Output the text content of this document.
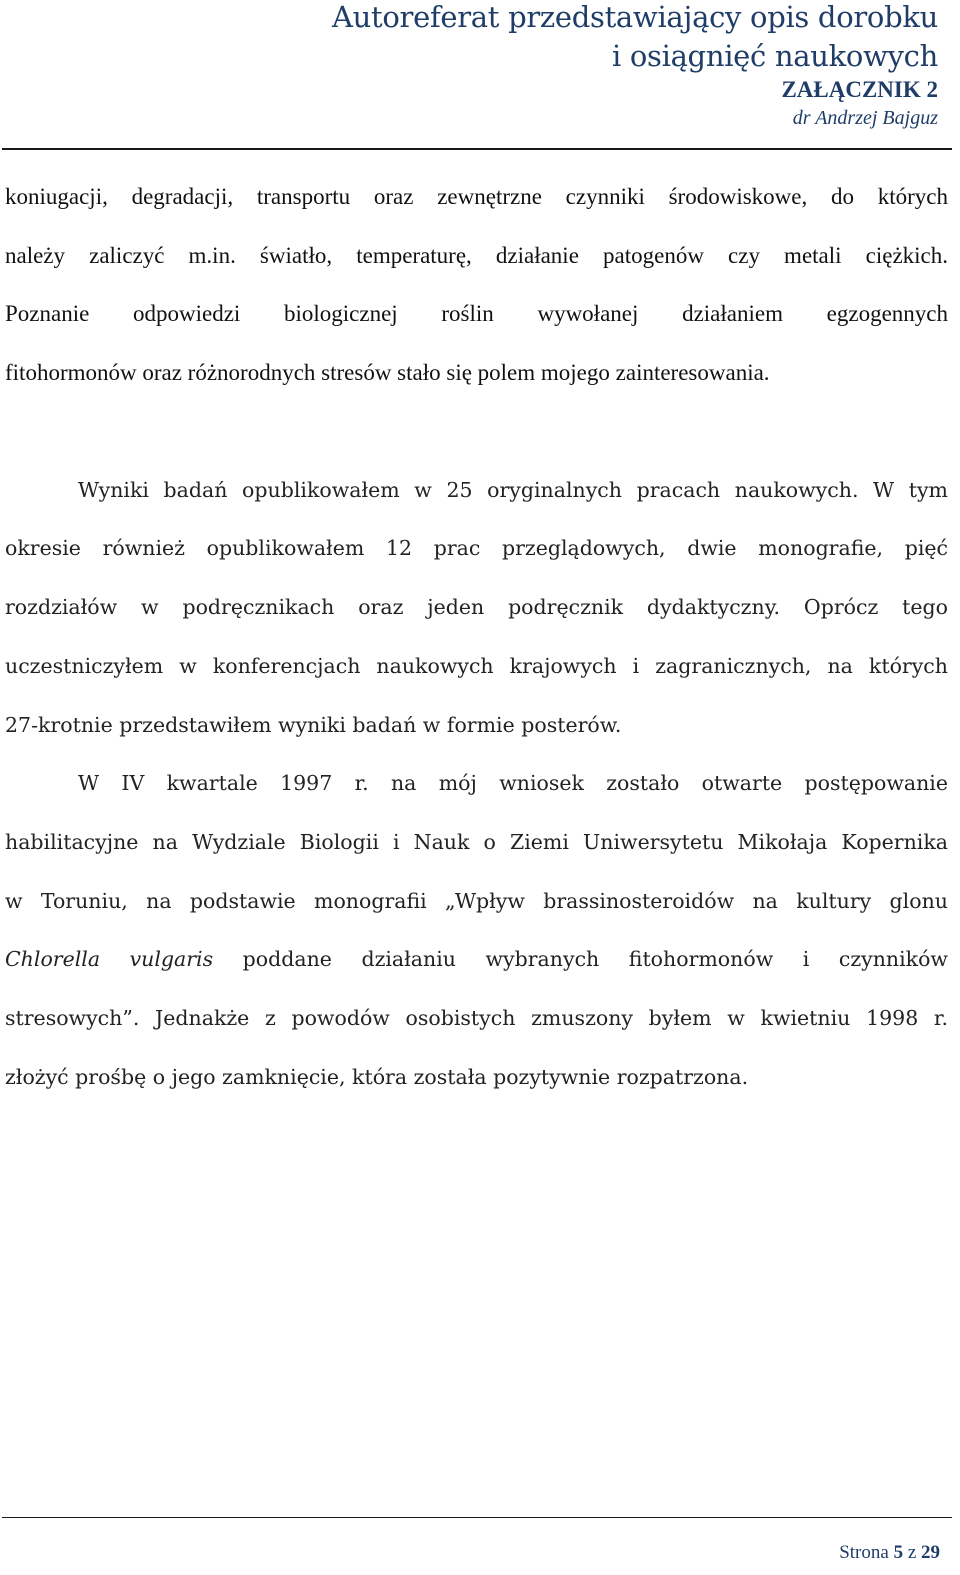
Autoreferat przedstawiający opis dorobku
i osiągnięć naukowych
ZAŁĄCZNIK 2
dr Andrzej Bajguz
koniugacji, degradacji, transportu oraz zewnętrzne czynniki środowiskowe, do których
należy zaliczyć m.in. światło, temperaturę, działanie patogenów czy metali ciężkich.
Poznanie odpowiedzi biologicznej roślin wywołanej działaniem egzogennych
fitohormonów oraz różnorodnych stresów stało się polem mojego zainteresowania.
Wyniki badań opublikowałem w 25 oryginalnych pracach naukowych. W tym
okresie również opublikowałem 12 prac przeglądowych, dwie monografie, pięć
rozdziałów w podręcznikach oraz jeden podręcznik dydaktyczny. Oprócz tego
uczestniczyłem w konferencjach naukowych krajowych i zagranicznych, na których
27-krotnie przedstawiłem wyniki badań w formie posterów.
W IV kwartale 1997 r. na mój wniosek zostało otwarte postępowanie
habilitacyjne na Wydziale Biologii i Nauk o Ziemi Uniwersytetu Mikołaja Kopernika
w Toruniu, na podstawie monografii „Wpływ brassinosteroidów na kultury glonu
Chlorella vulgaris poddane działaniu wybranych fitohormonów i czynników
stresowych”. Jednakże z powodów osobistych zmuszony byłem w kwietniu 1998 r.
złożyć prośbę o jego zamknięcie, która została pozytywnie rozpatrzona.
Strona 5 z 29
